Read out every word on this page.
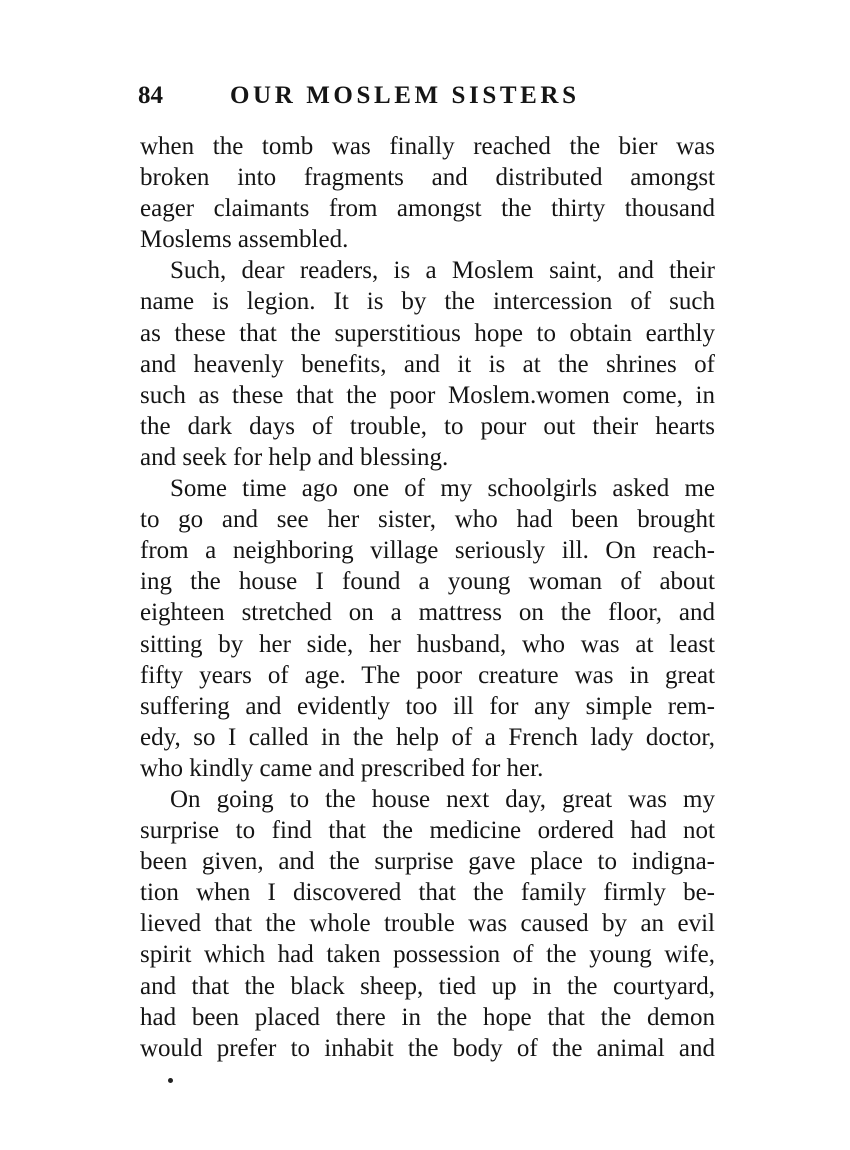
84	OUR MOSLEM SISTERS
when the tomb was finally reached the bier was
broken into fragments and distributed amongst
eager claimants from amongst the thirty thousand
Moslems assembled.
Such, dear readers, is a Moslem saint, and their
name is legion. It is by the intercession of such
as these that the superstitious hope to obtain earthly
and heavenly benefits, and it is at the shrines of
such as these that the poor Moslem.women come, in
the dark days of trouble, to pour out their hearts
and seek for help and blessing.
Some time ago one of my schoolgirls asked me
to go and see her sister, who had been brought
from a neighboring village seriously ill. On reach-
ing the house I found a young woman of about
eighteen stretched on a mattress on the floor, and
sitting by her side, her husband, who was at least
fifty years of age. The poor creature was in great
suffering and evidently too ill for any simple rem-
edy, so I called in the help of a French lady doctor,
who kindly came and prescribed for her.
On going to the house next day, great was my
surprise to find that the medicine ordered had not
been given, and the surprise gave place to indigna-
tion when I discovered that the family firmly be-
lieved that the whole trouble was caused by an evil
spirit which had taken possession of the young wife,
and that the black sheep, tied up in the courtyard,
had been placed there in the hope that the demon
would prefer to inhabit the body of the animal and
